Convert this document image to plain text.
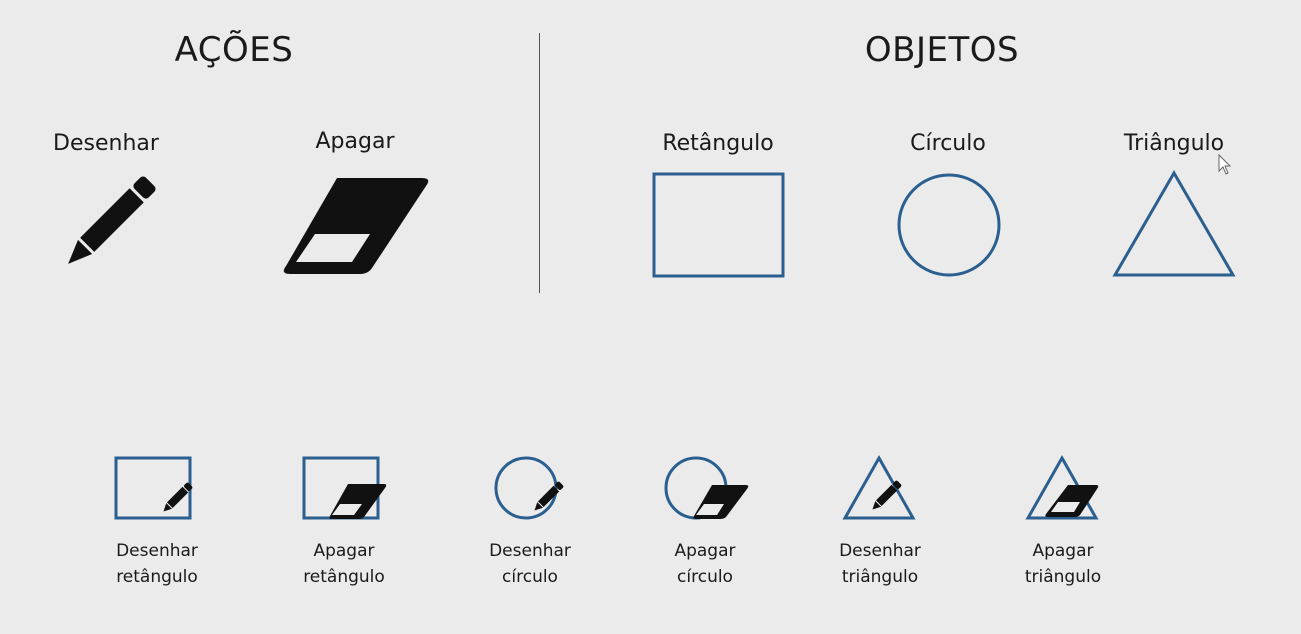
AÇÕES	OBJETOS
Desenhar	Apagar	Retângulo	Círculo	Triângulo
Desenhar
retângulo
Apagar
retângulo
Desenhar
círculo
Apagar
círculo
Desenhar
triângulo
Apagar
triângulo
